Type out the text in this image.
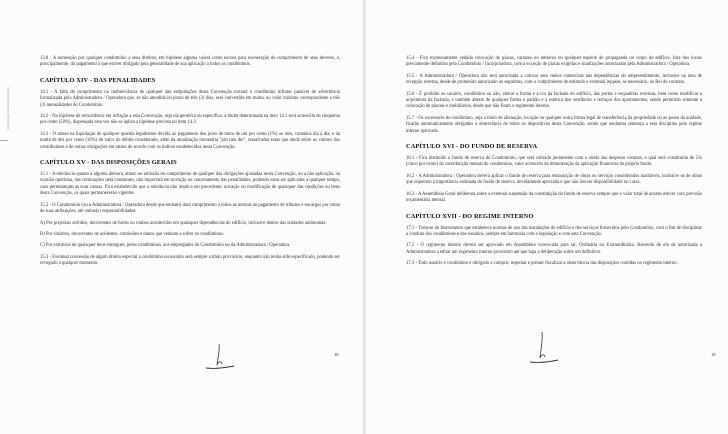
Maria Isabel Almeida Carvalho

13.8 - A nomeação por qualquer condomínio a seus direitos, em hipótese alguma valerá como escusa para exoneração do cumprimento de seus deveres, e, principalmente, do pagamento a que estiver obrigado pela generalidade de sua aplicação a todos os condôminos.

CAPÍTULO XIV - DAS PENALIDADES

14.1 - A falta de cumprimento ou inobservância de qualquer das estipulações desta Convenção tornará o condômino infrator passível de advertência formalizada pela Administradora / Operadora que, se não atendida no prazo de três (3) dias, será convertida em multa, no valor máximo correspondente a três (3) mensalidades do Condomínio.

14.2 - Na hipótese de reincidência em infração a esta Convenção, seja ela genérica ou específica, a multa determinada na item 14.1 será acrescida de cinquenta por cento (50%), dispensada esta vez não se aplica a hipótese prevista no item 14.3.

14.3 - O atraso na liquidação de qualquer quantia legalmente devida ao pagamento dos juros de mora de um por cento (1%) ao mês, contados dia a dia, e da multa de dez por cento (10%) do valor do débito considerado, além da atualização monetária "pro rata die", ressalvadas estas que ainda sobre os valores dos contribuintes e de outras obrigações em atraso de acordo com os índices estabelecidos nesta Convenção.

CAPÍTULO XV - DAS DISPOSIÇÕES GERAIS

15.1 - A tolerância quanto a alguma demora, atraso ou omissão no cumprimento de qualquer das obrigações ajustadas nesta Convenção, ou a não aplicação, na ocasião oportuna, das cominações nela constantes, não importará em novação ou cancelamento das penalidades, podendo estas ser aplicadas a qualquer tempo, caso permaneçam as suas causas. Fica estabelecido que a tolerância não implica em precedente, novação ou modificação de quaisquer das condições ou itens desta Convenção, os quais permanecerão vigentes.

15.2 - O Condomínio (ou a Administradora / Operadora desde que tenham) dará cumprimento a todos as normas ao pagamento de tributos e encargos por conta de suas atribuições, até outras(s) responsabilidades:

A) Por prejuízos sofridos, decorrentes de furtos ou roubos acontecidos em quaisquer dependências do edifício, inclusive dentro das unidades autônomas;

B) Por sinistros, decorrentes de acidentes, comissões e danos que venham a sofrer os condôminos.

C) Por extravios de quaisquer bens entregues, pelos condôminos, aos empregados do Condomínio ou da Administradora / Operadora.

15.3 - Eventual concessão de algum direito especial a condômino ou usuário será sempre a título provisório, enquanto não tenha sido especificado, podendo ser revogado a qualquer momento.

18

15.4 - Fica expressamente vedada colocação de placas, cartazes ou letreiros ou qualquer espécie de propaganda no corpo do edifício, fora dos locais previamente definidos pela Condomínio / Incorporadora, com a exceção de placas exigidas e sinalizações autorizadas pela Administradora / Operadora.

15.5 - A Administradora / Operadora não será autorizada a colocar seus meios comerciais nas dependências do empreendimento, inclusive na área de recepção externa, desde de prometido autorizado ao seguimos, com o cumprimento de estímulo e eventual repasse, se necessário, ao Rei do contrato.

15.6 - É proibido ao usuário, condômino ou não, alterar a forma e a cor da fachada do edifício, das portas e esquadrias externas, bem como modificar a arquitetura da fachada, e também alterar de qualquer forma o padrão e a estética dos vestíbulos e terraços dos apartamentos, sendo permitido somente a colocação de plantas e mobiliários, desde que não firam o regimento interno.

15.7 - Os sucessores do condômino, seja a título de alienação, locação ou qualquer outra forma legal de transferência da propriedade ou ao posse da unidade, ficarão automaticamente obrigados à observância de todos os dispositivos desta Convenção, sendo que nenhuma sentença a esta disciplina pelo regime interno aprovado.

CAPÍTULO XVI - DO FUNDO DE RESERVA

16.1 - Fica instituído o fundo de reserva do Condomínio, que será cobrado juntamente com o rateio das despesas comuns, o qual será constituído de 5% (cinco por cento) da contribuição mensal do condomínio, valor acrescido da remuneração da aplicação financeira do próprio fundo.

16.2 - A Administradora / Operadora deverá aplicar o fundo de reserva para restauração de obras ou serviços considerados inadiáveis, inclusive os de obras que requerem a importância estimada do fundo de reserva, devidamente aprovada e que não houver disponibilidade no caixa.

16.3 - A Assembleia Geral deliberará sobre a eventual suspensão da constituição do fundo de reserva sempre que o valor total de acordo estiver com previsão orçamentária mensal.

CAPÍTULO XVII - DO REGIME INTERNO

17.1 - Trata-se do Instrumento que estabelece normas de uso das instalações do edifício e dos serviços fornecidos pelo Condomínio, com o fim de disciplinar a conduta dos condôminos e dos usuários, sempre em harmonia com a legislação e com esta Convenção.

17.2 - O regimento interno deverá ser aprovado em Assembleia convocada para tal, Ordinária ou Extraordinária. Havendo de ela de autorizada a Administradora a editar um regimento interno provisório até que haja a deliberação sobre um definitivo.

17.3 - Todo usuário e condômino é obrigado a cumprir, respeitar e prestar fiscalizar a observância das disposições contidas no regimento interno.

19
